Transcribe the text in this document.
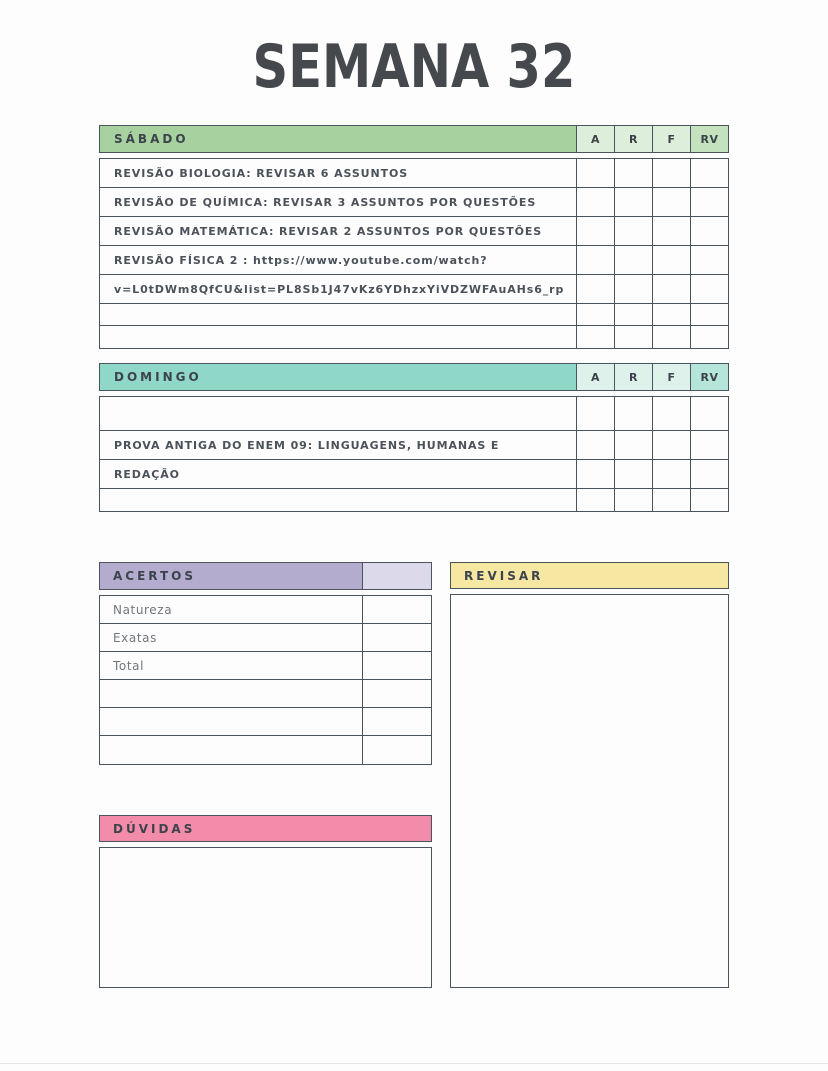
SEMANA 32
SÁBADO	A	R	F	RV
REVISÃO BIOLOGIA: REVISAR 6 ASSUNTOS
REVISÃO DE QUÍMICA: REVISAR 3 ASSUNTOS POR QUESTÕES
REVISÃO MATEMÁTICA: REVISAR 2 ASSUNTOS POR QUESTÕES
REVISÃO FÍSICA 2 : https://www.youtube.com/watch?
v=L0tDWm8QfCU&list=PL8Sb1J47vKz6YDhzxYiVDZWFAuAHs6_rp
DOMINGO	A	R	F	RV
PROVA ANTIGA DO ENEM 09: LINGUAGENS, HUMANAS E
REDAÇÃO
ACERTOS
Natureza
Exatas
Total
REVISAR
DÚVIDAS
